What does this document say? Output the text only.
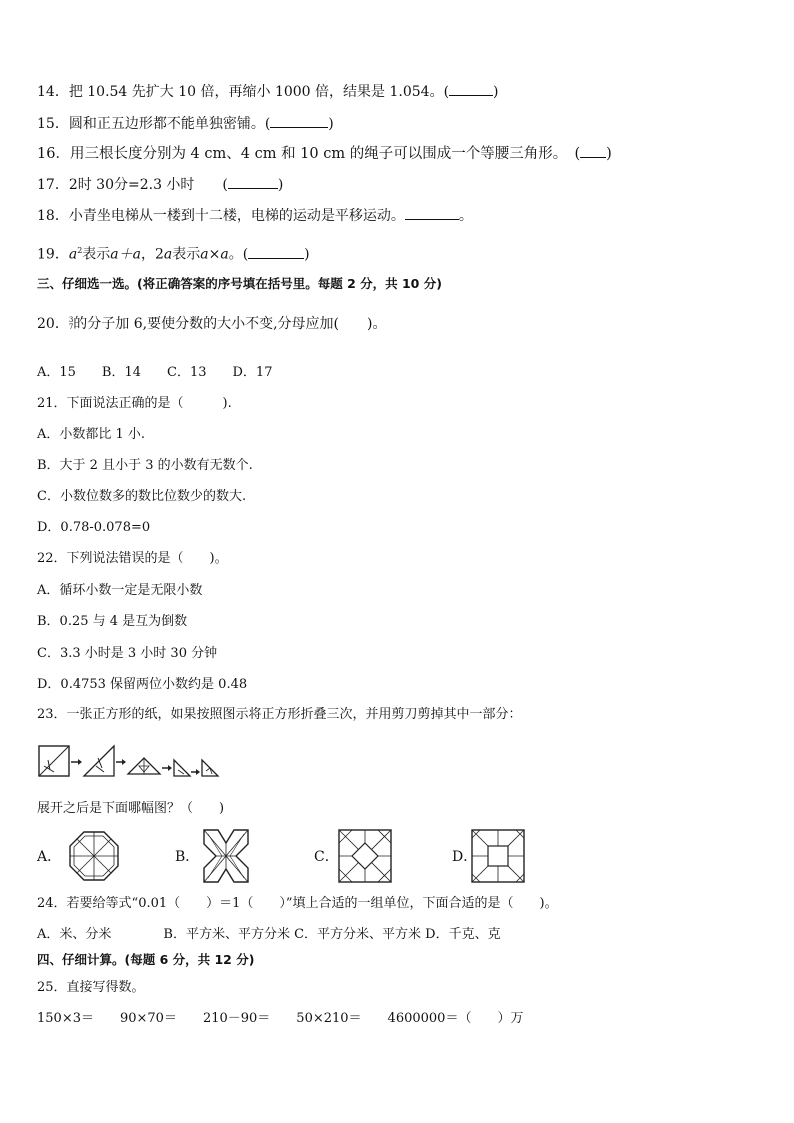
14．把 10.54 先扩大 10 倍，再缩小 1000 倍，结果是 1.054。(	)
15．圆和正五边形都不能单独密铺。(	)
16．用三根长度分别为 4 cm、4 cm 和 10 cm 的绳子可以围成一个等腰三角形。　( )
17．2时 30分=2.3 小时　　(	)
18．小青坐电梯从一楼到十二楼，电梯的运动是平移运动。	。
19．$a^2$表示a＋a，2a表示a×a。(	)
三、仔细选一选。(将正确答案的序号填在括号里。每题 2 分，共 10 分)
20．3
7的分子加 6,要使分数的大小不变,分母应加(　　)。
A．15　　B．14　　C．13　　D．17
21．下面说法正确的是（　　　).
A．小数都比 1 小.
B．大于 2 且小于 3 的小数有无数个.
C．小数位数多的数比位数少的数大.
D．0.78-0.078=0
22．下列说法错误的是（　　)。
A．循环小数一定是无限小数
B．0.25 与 4 是互为倒数
C．3.3 小时是 3 小时 30 分钟
D．0.4753 保留两位小数约是 0.48
23．一张正方形的纸，如果按照图示将正方形折叠三次，并用剪刀剪掉其中一部分：
展开之后是下面哪幅图？（　　)
A．	B．	C．	D．
24．若要给等式“0.01（　　）＝1（　　）”填上合适的一组单位，下面合适的是（　　)。
A．米、分米　　　　B．平方米、平方分米 C．平方分米、平方米 D．千克、克
四、仔细计算。(每题 6 分，共 12 分)
25．直接写得数。
150×3＝　　90×70＝　　210－90＝　　50×210＝　　4600000＝（　　）万
